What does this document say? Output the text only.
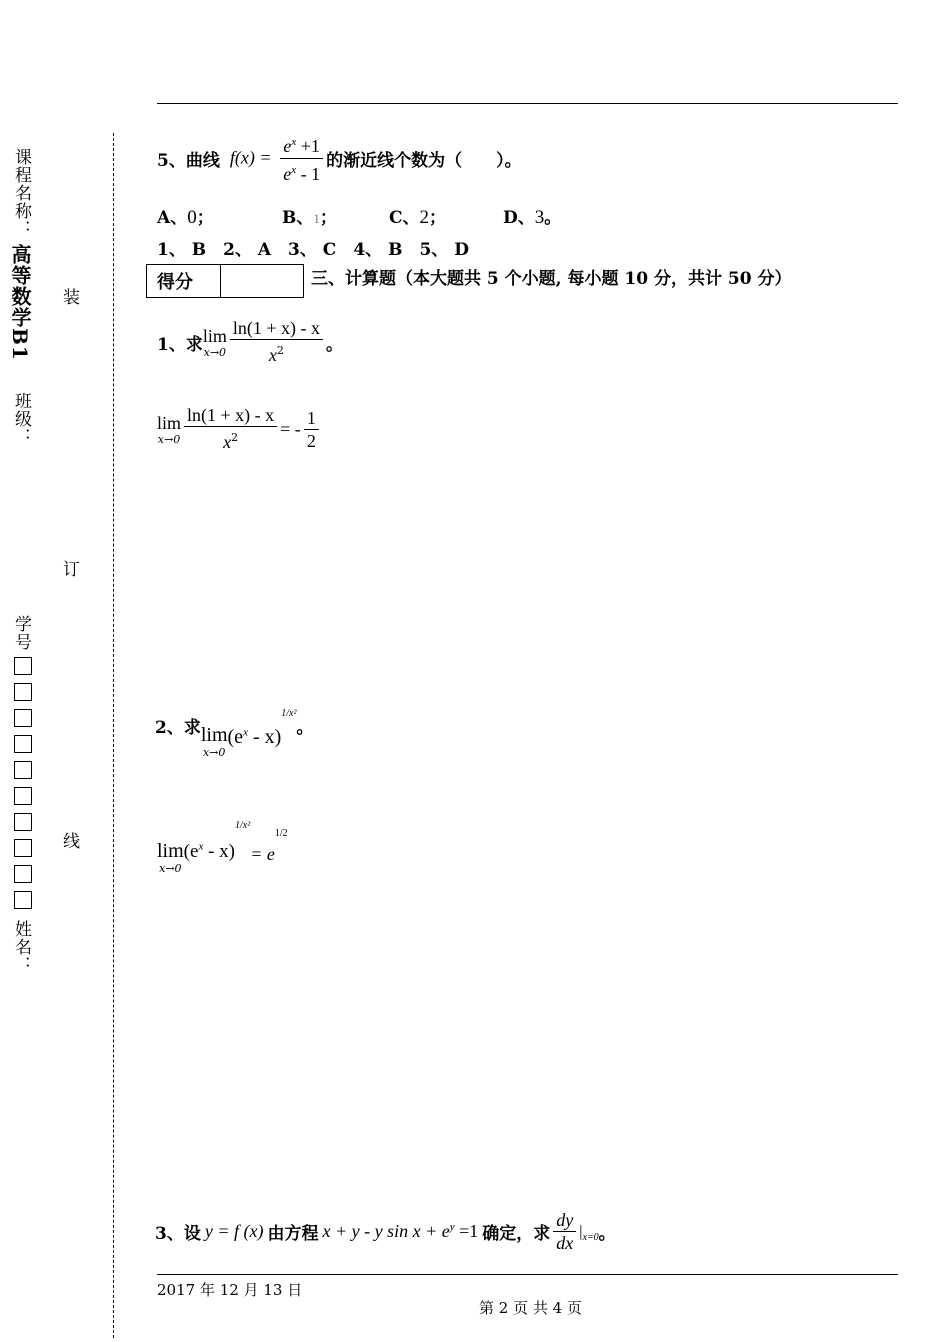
课程名称：
高等数学B1
班级：
学号
姓名：
装
订
线
5、曲线 $f(x) = \frac{e^x +1}{e^x - 1}$ 的渐近线个数为（　　）。
A、0；	B、1；	C、2；	D、3。
1、 B　2、 A　3、 C　4、 B　5、 D
得分		三、计算题（本大题共 5 个小题, 每小题 10 分，共计 50 分）
1、求 lim
$x\to 0 \frac{\ln(1 + x) - x}{x^2}$ 。
lim
$x\to 0 \frac{\ln(1 + x) - x}{x^2}$ = - $\frac{1}{2}$
2、求 lim
x→0
$(e^x - x)$
1/x²
。
lim
x→0
$(e^x - x)$
1/x²
= e
1/2
3、设 y = f (x) 由方程 x + y - y $\sin x + e^y =1$ 确定，求 $\frac{dy}{dx}$ | x=0 。
2017 年 12 月 13 日
第 2 页 共 4 页
